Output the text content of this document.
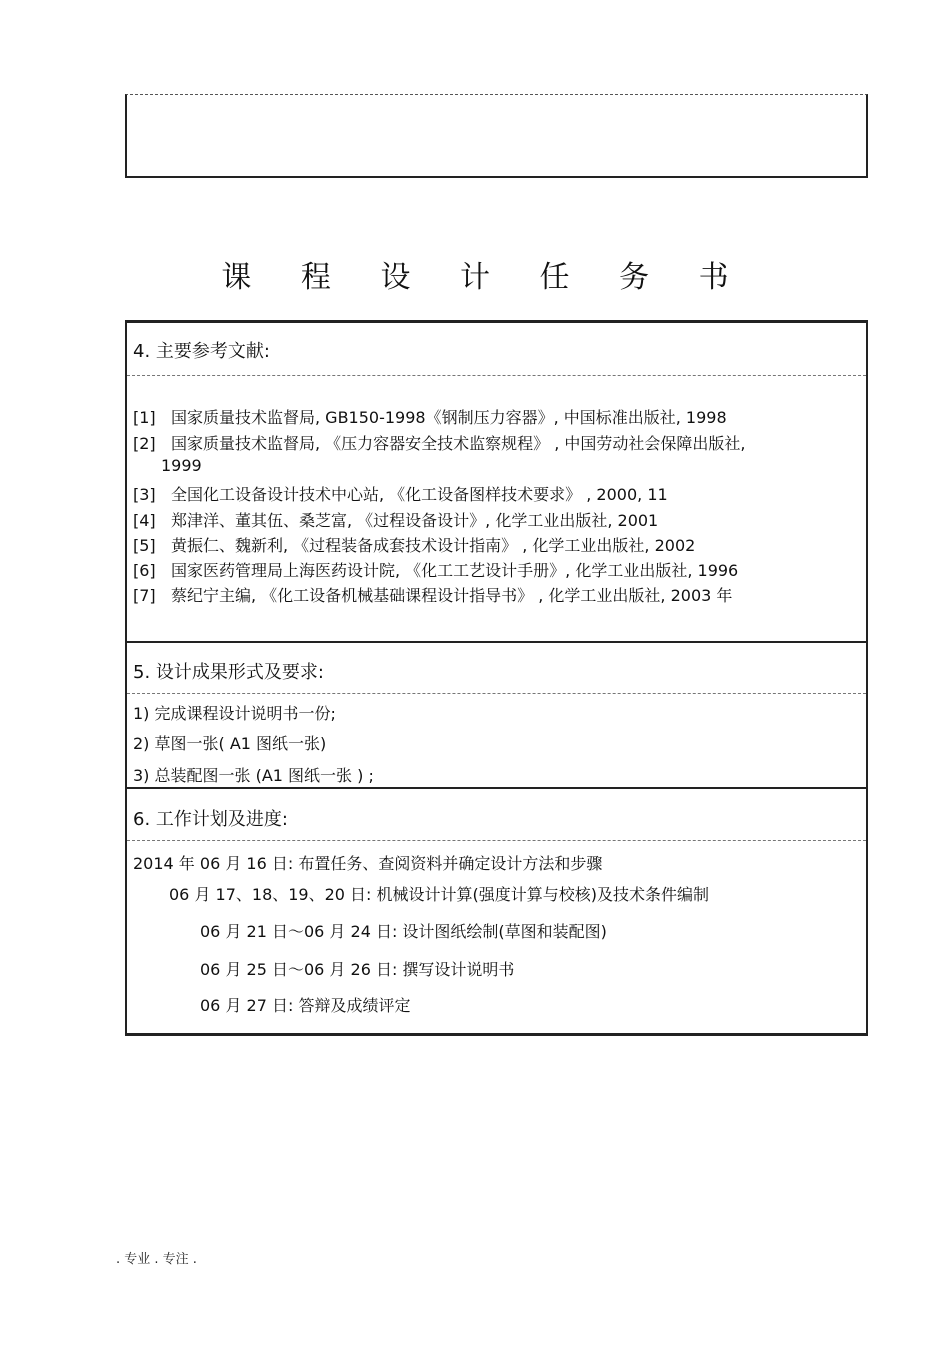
课 程 设 计 任 务 书
4. 主要参考文献:
[1] 国家质量技术监督局, GB150-1998《钢制压力容器》, 中国标准出版社, 1998
[2] 国家质量技术监督局, 《压力容器安全技术监察规程》 , 中国劳动社会保障出版社,
1999
[3] 全国化工设备设计技术中心站, 《化工设备图样技术要求》 , 2000, 11
[4] 郑津洋、董其伍、桑芝富, 《过程设备设计》, 化学工业出版社, 2001
[5] 黄振仁、魏新利, 《过程装备成套技术设计指南》 , 化学工业出版社, 2002
[6] 国家医药管理局上海医药设计院, 《化工工艺设计手册》, 化学工业出版社, 1996
[7] 蔡纪宁主编, 《化工设备机械基础课程设计指导书》 , 化学工业出版社, 2003 年
5. 设计成果形式及要求:
1) 完成课程设计说明书一份;
2) 草图一张( A1 图纸一张)
3) 总装配图一张 (A1 图纸一张 ) ;
6. 工作计划及进度:
2014 年 06 月 16 日: 布置任务、查阅资料并确定设计方法和步骤
06 月 17、18、19、20 日: 机械设计计算(强度计算与校核)及技术条件编制
06 月 21 日～06 月 24 日: 设计图纸绘制(草图和装配图)
06 月 25 日～06 月 26 日: 撰写设计说明书
06 月 27 日: 答辩及成绩评定
. 专业 . 专注 .
